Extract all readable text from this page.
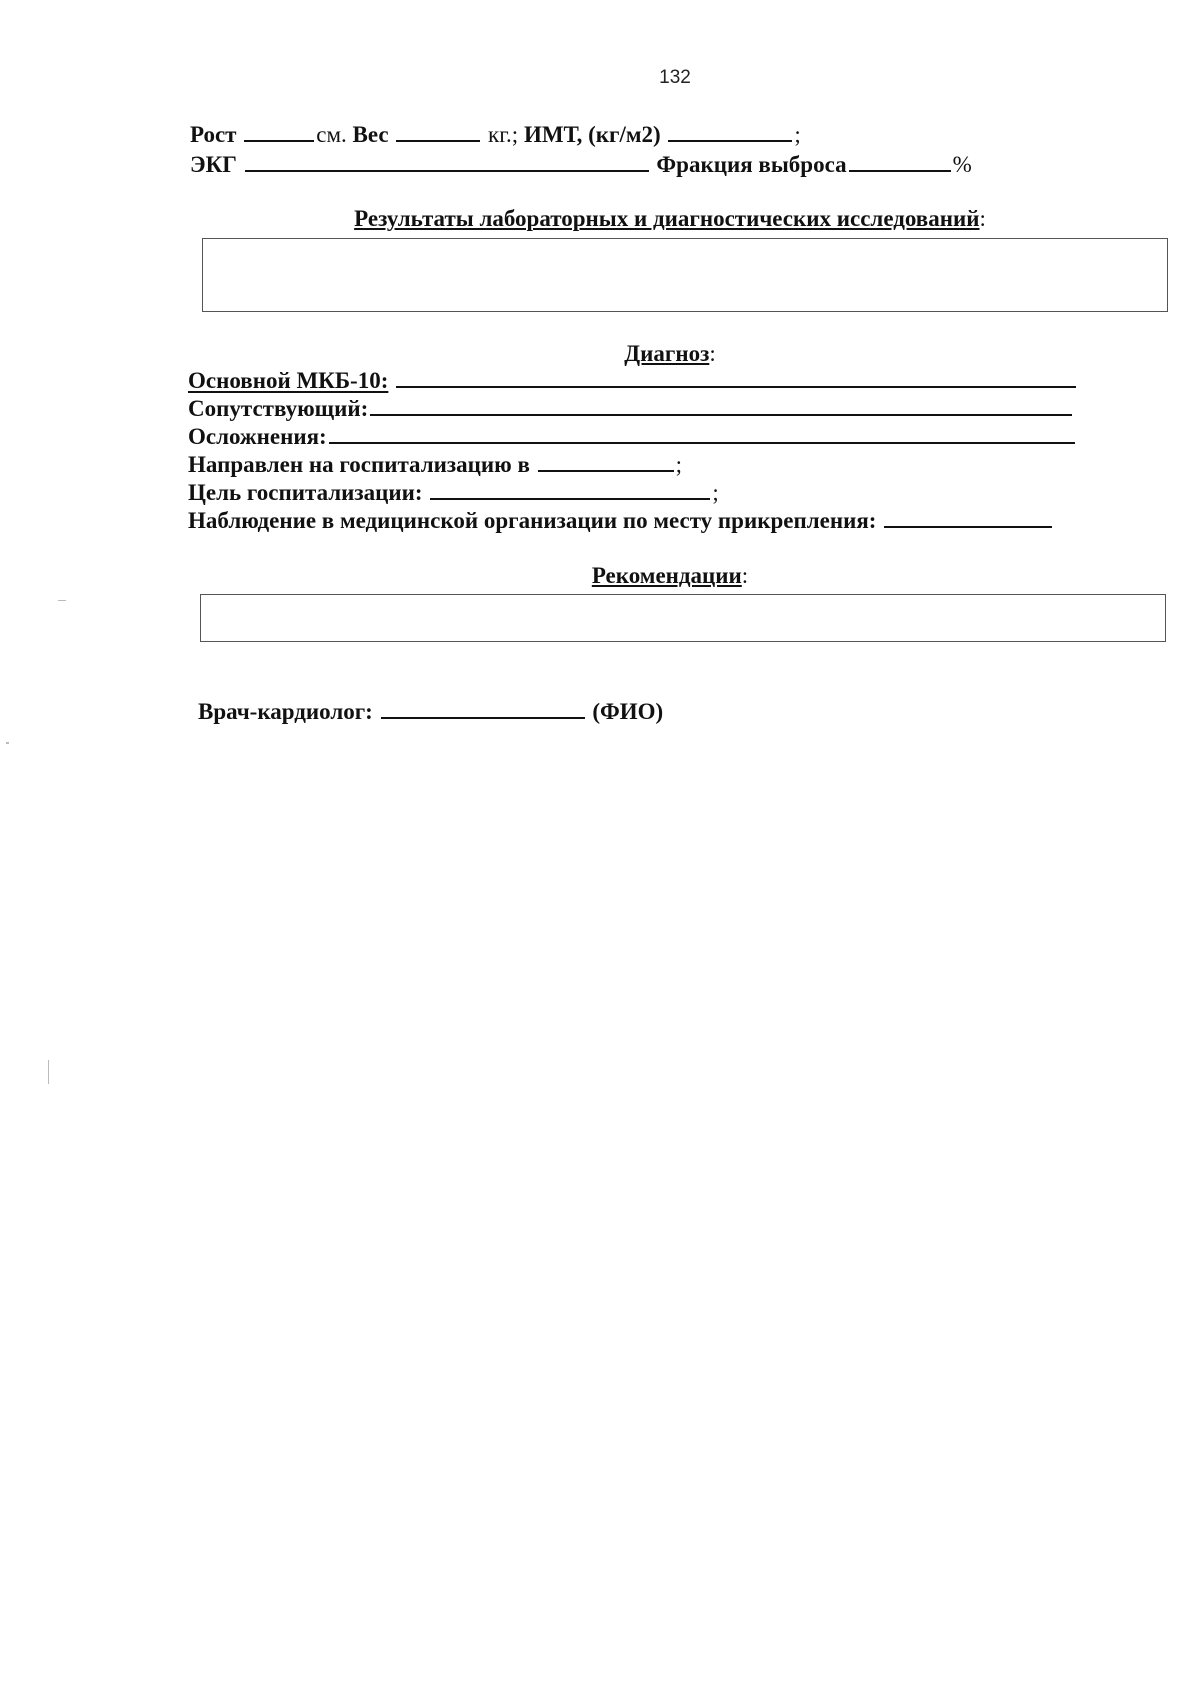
132
Рост	см. Вес	кг.; ИМТ, (кг/м2)	;
ЭКГ	Фракция выброса	%
Результаты лабораторных и диагностических исследований:
Диагноз:
Основной МКБ-10:
Сопутствующий:
Осложнения:
Направлен на госпитализацию в	;
Цель госпитализации:	;
Наблюдение в медицинской организации по месту прикрепления:
Рекомендации:
Врач-кардиолог:	(ФИО)
